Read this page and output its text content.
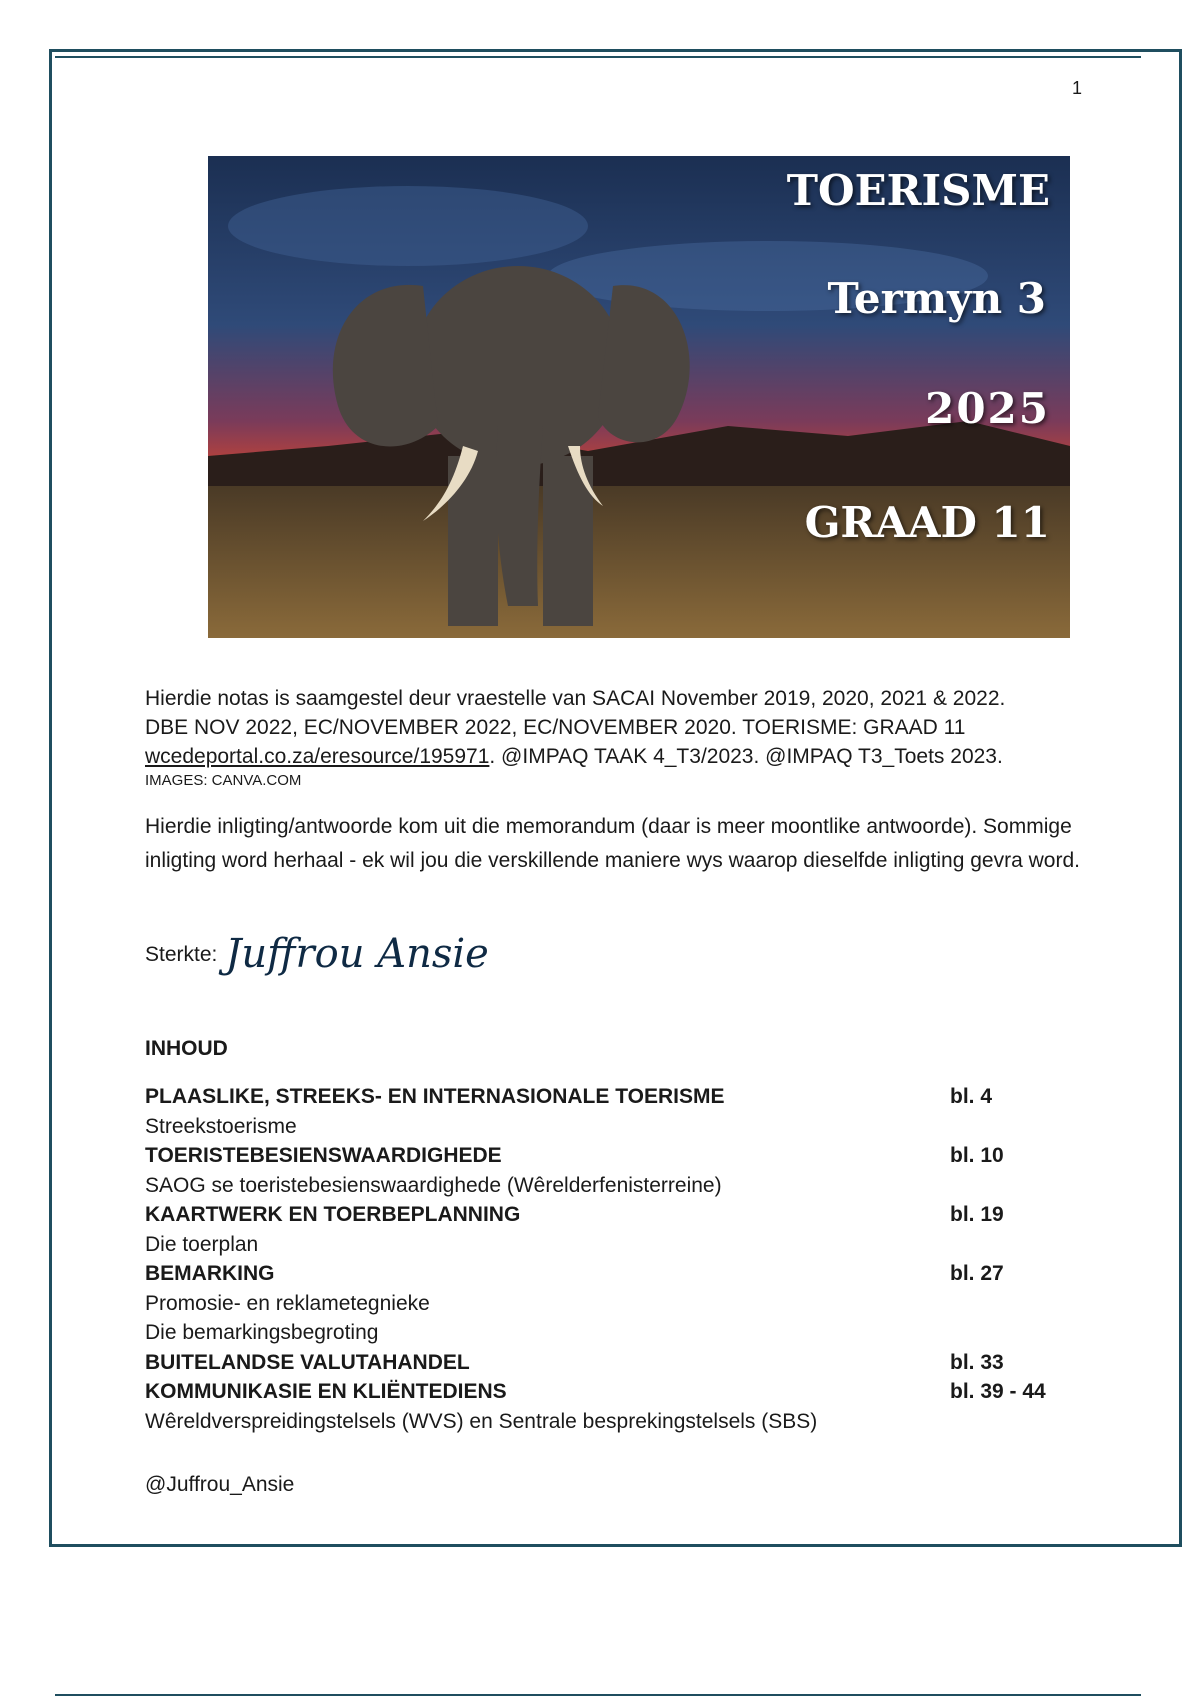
1
TOERISME
Termyn 3
2025
GRAAD 11
Hierdie notas is saamgestel deur vraestelle van SACAI November 2019, 2020, 2021 & 2022.
DBE NOV 2022, EC/NOVEMBER 2022, EC/NOVEMBER 2020. TOERISME: GRAAD 11
wcedeportal.co.za/eresource/195971. @IMPAQ TAAK 4_T3/2023. @IMPAQ T3_Toets 2023.
IMAGES: CANVA.COM
Hierdie inligting/antwoorde kom uit die memorandum (daar is meer moontlike antwoorde). Sommige inligting word herhaal - ek wil jou die verskillende maniere wys waarop dieselfde inligting gevra word.
Sterkte: Juffrou Ansie
INHOUD
PLAASLIKE, STREEKS- EN INTERNASIONALE TOERISME	bl. 4
Streekstoerisme
TOERISTEBESIENSWAARDIGHEDE	bl. 10
SAOG se toeristebesienswaardighede (Wêrelderfenisterreine)
KAARTWERK EN TOERBEPLANNING	bl. 19
Die toerplan
BEMARKING	bl. 27
Promosie- en reklametegnieke
Die bemarkingsbegroting
BUITELANDSE VALUTAHANDEL	bl. 33
KOMMUNIKASIE EN KLIËNTEDIENS	bl. 39 - 44
Wêreldverspreidingstelsels (WVS) en Sentrale besprekingstelsels (SBS)
@Juffrou_Ansie
